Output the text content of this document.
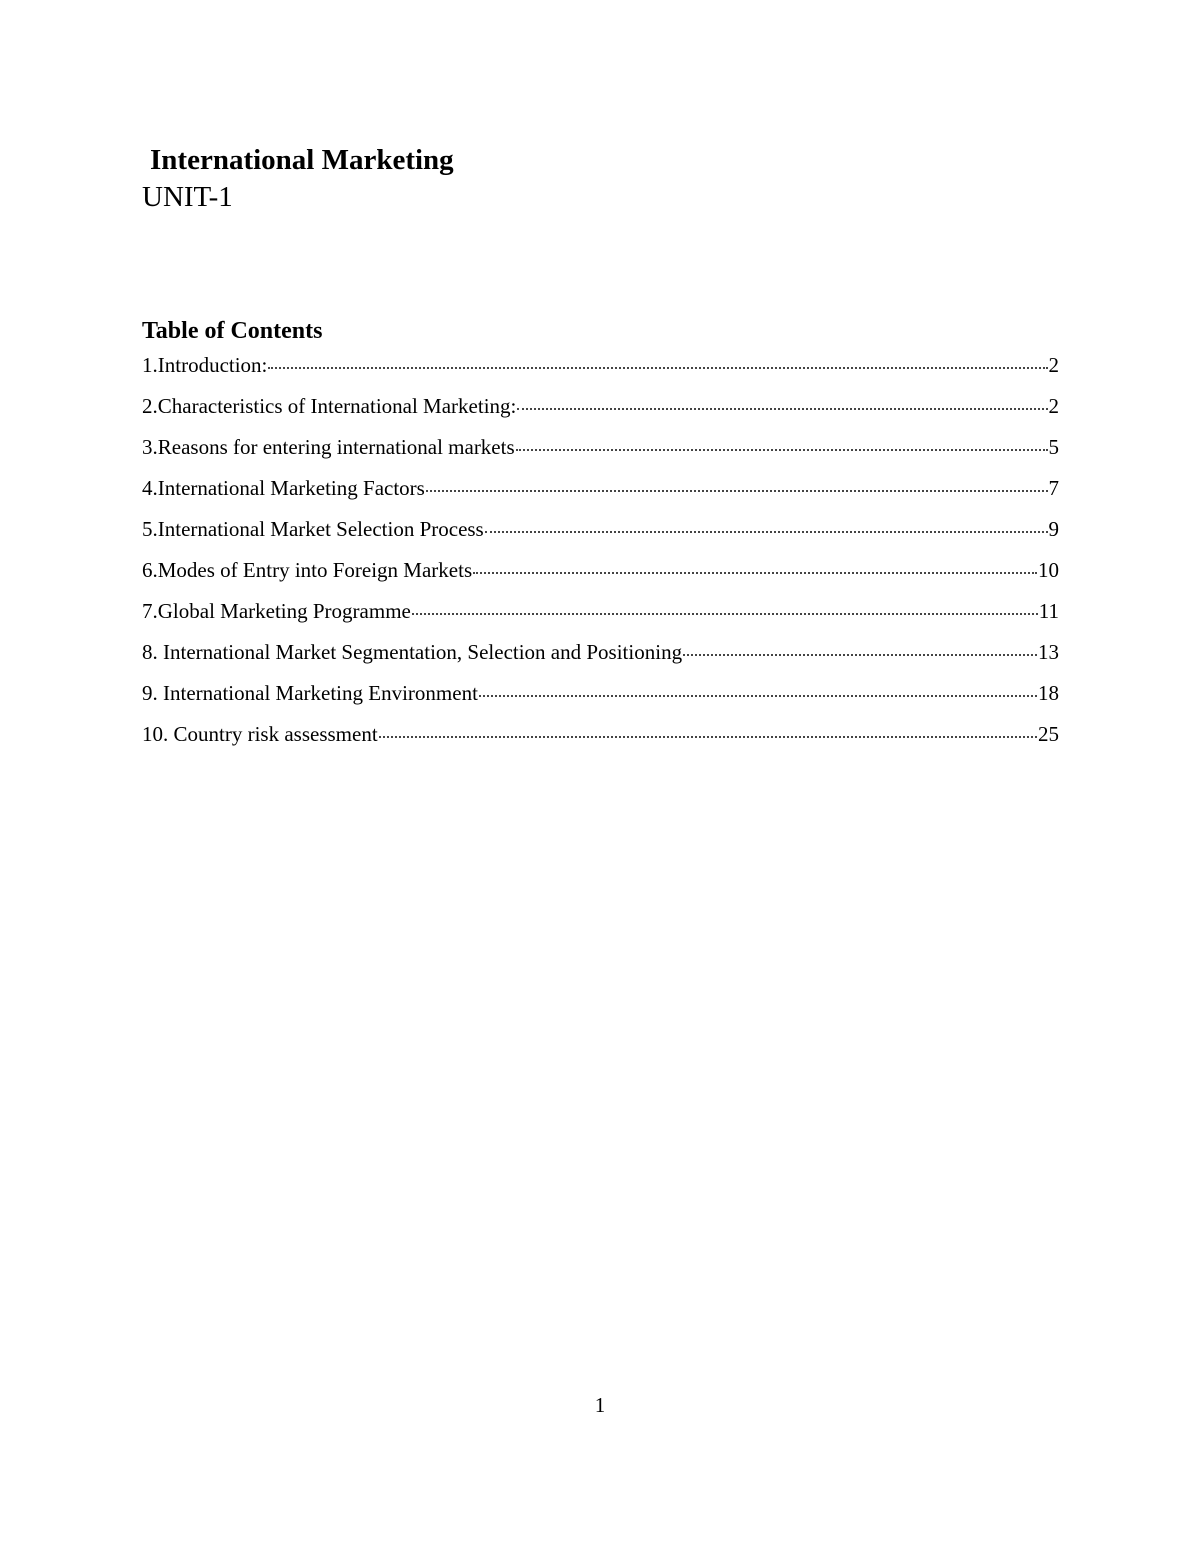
International Marketing
UNIT-1
Table of Contents
1.Introduction:	2
2.Characteristics of International Marketing:	2
3.Reasons for entering international markets	5
4.International Marketing Factors	7
5.International Market Selection Process	9
6.Modes of Entry into Foreign Markets	10
7.Global Marketing Programme	11
8. International Market Segmentation, Selection and Positioning	13
9. International Marketing Environment	18
10. Country risk assessment	25
1
